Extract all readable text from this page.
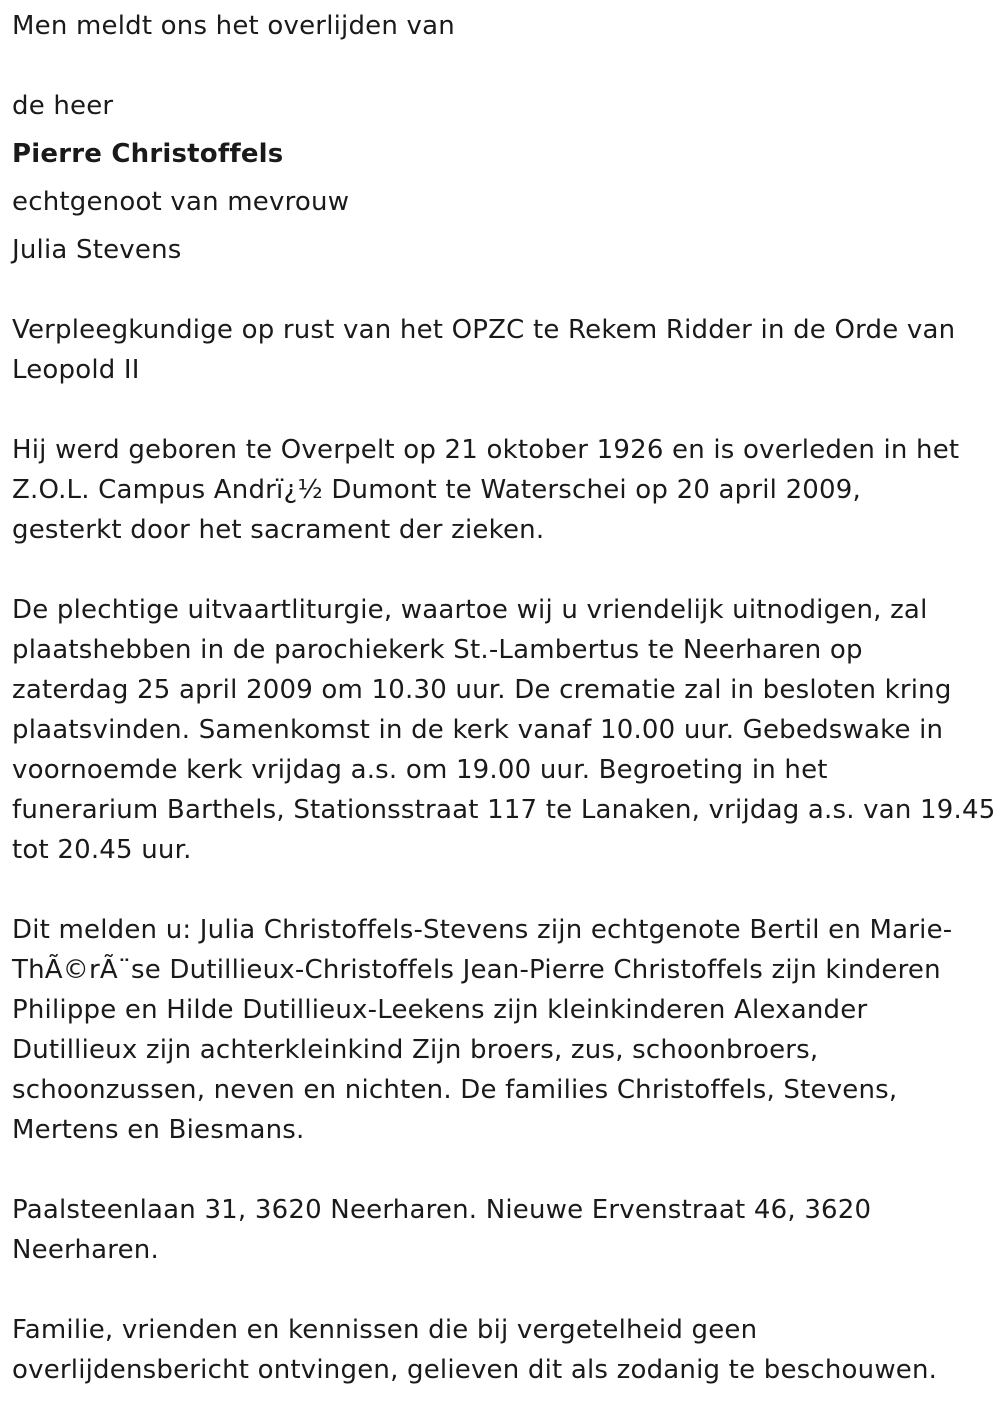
Men meldt ons het overlijden van
de heer
Pierre Christoffels
echtgenoot van mevrouw
Julia Stevens
Verpleegkundige op rust van het OPZC te Rekem Ridder in de Orde van
Leopold II
Hij werd geboren te Overpelt op 21 oktober 1926 en is overleden in het
Z.O.L. Campus Andrï¿½ Dumont te Waterschei op 20 april 2009,
gesterkt door het sacrament der zieken.
De plechtige uitvaartliturgie, waartoe wij u vriendelijk uitnodigen, zal
plaatshebben in de parochiekerk St.-Lambertus te Neerharen op
zaterdag 25 april 2009 om 10.30 uur. De crematie zal in besloten kring
plaatsvinden. Samenkomst in de kerk vanaf 10.00 uur. Gebedswake in
voornoemde kerk vrijdag a.s. om 19.00 uur. Begroeting in het
funerarium Barthels, Stationsstraat 117 te Lanaken, vrijdag a.s. van 19.45
tot 20.45 uur.
Dit melden u: Julia Christoffels-Stevens zijn echtgenote Bertil en Marie-
ThÃ©rÃ¨se Dutillieux-Christoffels Jean-Pierre Christoffels zijn kinderen
Philippe en Hilde Dutillieux-Leekens zijn kleinkinderen Alexander
Dutillieux zijn achterkleinkind Zijn broers, zus, schoonbroers,
schoonzussen, neven en nichten. De families Christoffels, Stevens,
Mertens en Biesmans.
Paalsteenlaan 31, 3620 Neerharen. Nieuwe Ervenstraat 46, 3620
Neerharen.
Familie, vrienden en kennissen die bij vergetelheid geen
overlijdensbericht ontvingen, gelieven dit als zodanig te beschouwen.
